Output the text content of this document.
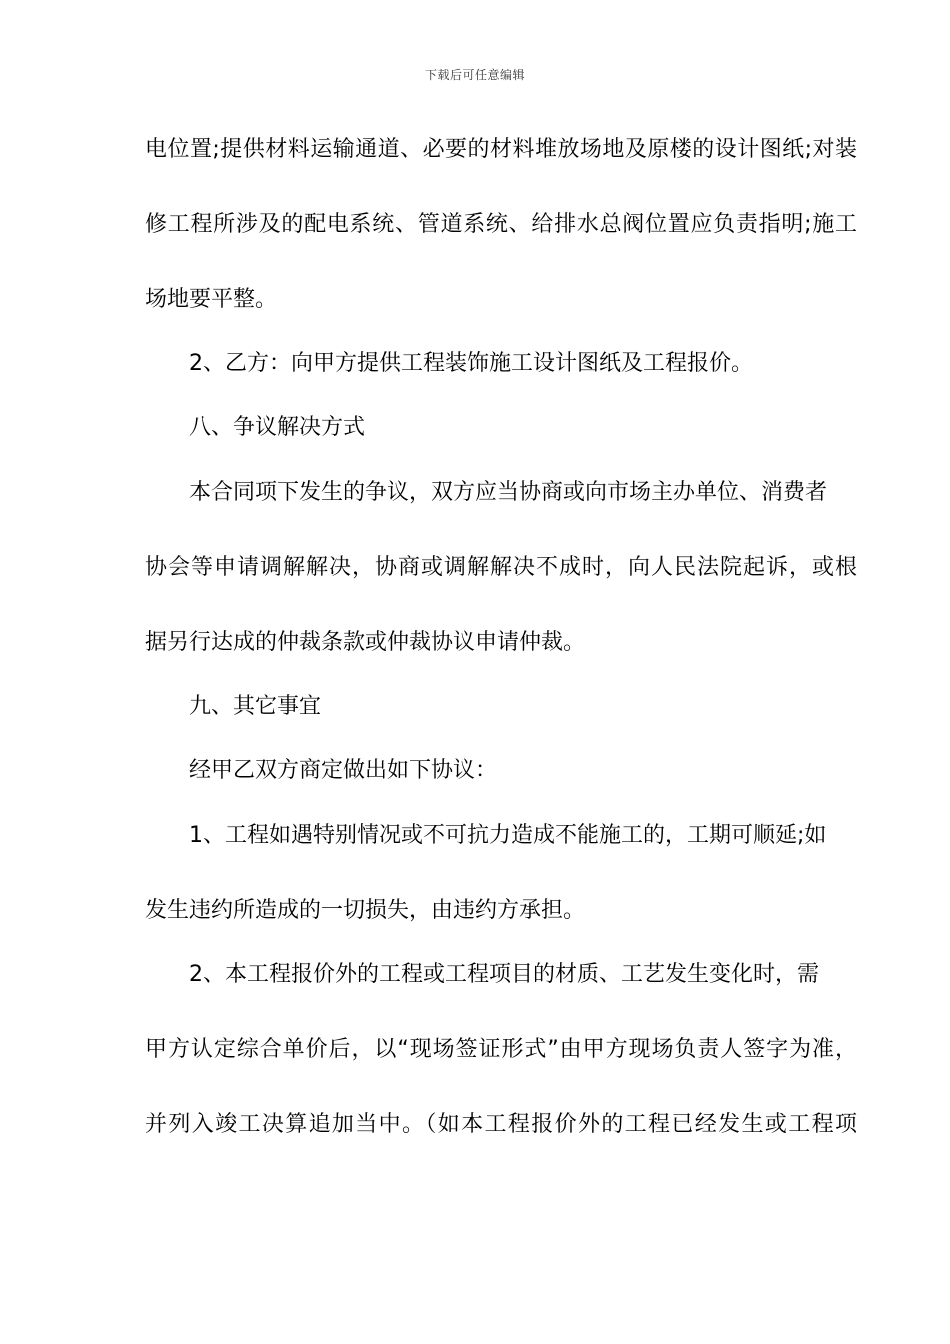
下载后可任意编辑
电位置;提供材料运输通道、必要的材料堆放场地及原楼的设计图纸;对装
修工程所涉及的配电系统、管道系统、给排水总阀位置应负责指明;施工
场地要平整。
2、乙方：向甲方提供工程装饰施工设计图纸及工程报价。
八、争议解决方式
本合同项下发生的争议，双方应当协商或向市场主办单位、消费者
协会等申请调解解决，协商或调解解决不成时，向人民法院起诉，或根
据另行达成的仲裁条款或仲裁协议申请仲裁。
九、其它事宜
经甲乙双方商定做出如下协议：
1、工程如遇特别情况或不可抗力造成不能施工的，工期可顺延;如
发生违约所造成的一切损失，由违约方承担。
2、本工程报价外的工程或工程项目的材质、工艺发生变化时，需
甲方认定综合单价后，以“现场签证形式”由甲方现场负责人签字为准，
并列入竣工决算追加当中。（如本工程报价外的工程已经发生或工程项
